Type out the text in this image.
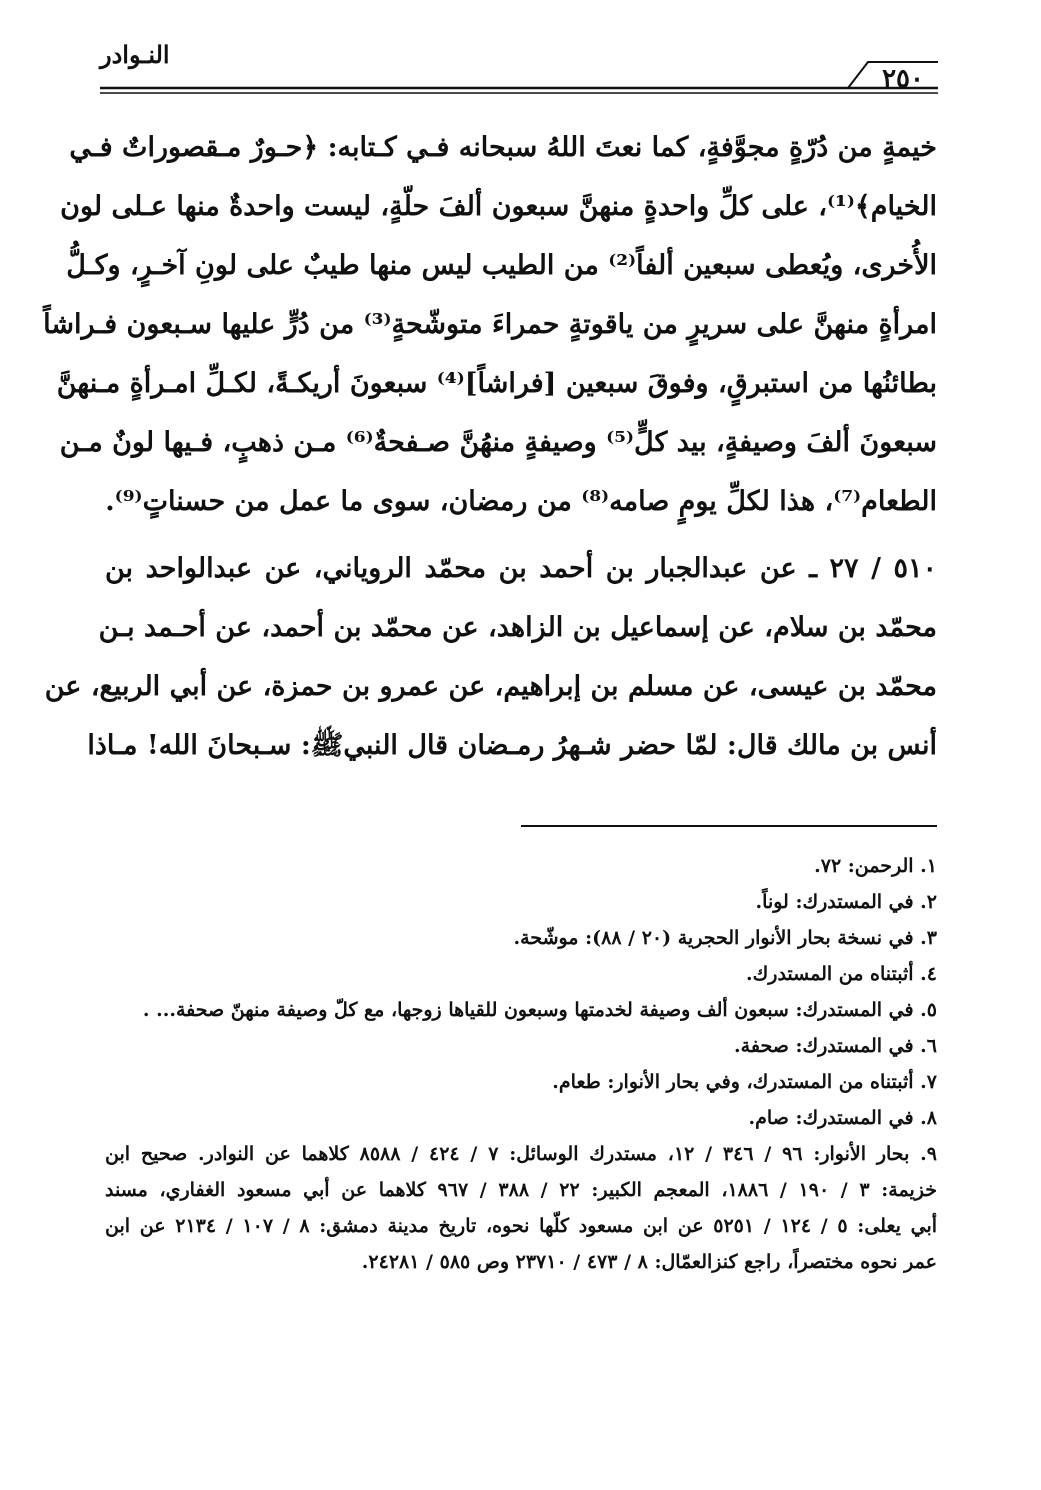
النـوادر
٢٥٠

خيمةٍ من دُرّةٍ مجوَّفةٍ، كما نعتَ اللهُ سبحانه فـي كـتابه: ﴿حـورٌ مـقصوراتٌ فـي
الخيام﴾⁽¹⁾، على كلِّ واحدةٍ منهنَّ سبعون ألفَ حلّةٍ، ليست واحدةٌ منها عـلى لون
الأُخرى، ويُعطى سبعين ألفاً⁽²⁾ من الطيب ليس منها طيبٌ على لونِ آخـرٍ، وكـلُّ
امرأةٍ منهنَّ على سريرٍ من ياقوتةٍ حمراءَ متوشّحةٍ⁽³⁾ من دُرٍّ عليها سـبعون فـراشاً
بطائنُها من استبرقٍ، وفوقَ سبعين [فراشاً]⁽⁴⁾ سبعونَ أريكـةً، لكـلِّ امـرأةٍ مـنهنَّ
سبعونَ ألفَ وصيفةٍ، بيد كلٍّ⁽⁵⁾ وصيفةٍ منهُنَّ صـفحةٌ⁽⁶⁾ مـن ذهبٍ، فـيها لونٌ مـن
الطعام⁽⁷⁾، هذا لكلِّ يومٍ صامه⁽⁸⁾ من رمضان، سوى ما عمل من حسناتٍ⁽⁹⁾.

٥١٠ / ٢٧ ـ عن عبدالجبار بن أحمد بن محمّد الروياني، عن عبدالواحد بن
محمّد بن سلام، عن إسماعيل بن الزاهد، عن محمّد بن أحمد، عن أحـمد بـن
محمّد بن عيسى، عن مسلم بن إبراهيم، عن عمرو بن حمزة، عن أبي الربيع، عن
أنس بن مالك قال: لمّا حضر شـهرُ رمـضان قال النبيﷺ: سـبحانَ الله! مـاذا

١. الرحمن: ٧٢.
٢. في المستدرك: لوناً.
٣. في نسخة بحار الأنوار الحجرية (٢٠ / ٨٨): موشّحة.
٤. أثبتناه من المستدرك.
٥. في المستدرك: سبعون ألف وصيفة لخدمتها وسبعون للقياها زوجها، مع كلّ وصيفة منهنّ صحفة... .
٦. في المستدرك: صحفة.
٧. أثبتناه من المستدرك، وفي بحار الأنوار: طعام.
٨. في المستدرك: صام.
٩. بحار الأنوار: ٩٦ / ٣٤٦ / ١٢، مستدرك الوسائل: ٧ / ٤٢٤ / ٨٥٨٨ كلاهما عن النوادر. صحيح ابن
خزيمة: ٣ / ١٩٠ / ١٨٨٦، المعجم الكبير: ٢٢ / ٣٨٨ / ٩٦٧ كلاهما عن أبي مسعود الغفاري، مسند
أبي يعلى: ٥ / ١٢٤ / ٥٢٥١ عن ابن مسعود كلّها نحوه، تاريخ مدينة دمشق: ٨ / ١٠٧ / ٢١٣٤ عن ابن
عمر نحوه مختصراً، راجع كنزالعمّال: ٨ / ٤٧٣ / ٢٣٧١٠ وص ٥٨٥ / ٢٤٢٨١.
